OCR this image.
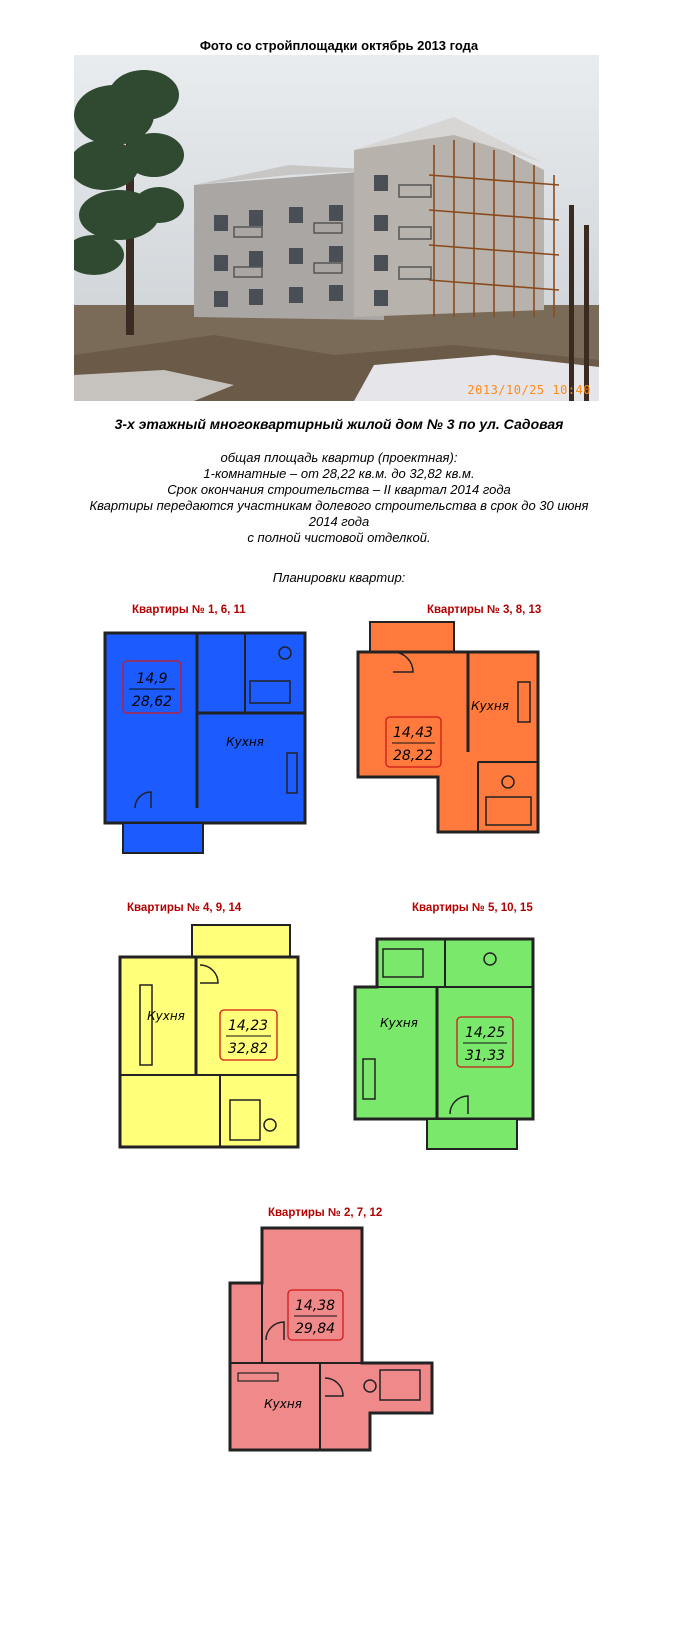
Фото со стройплощадки октябрь 2013 года
2013/10/25 10:40
3-х этажный многоквартирный жилой дом № 3 по ул. Садовая
общая площадь квартир (проектная):
1-комнатные – от 28,22 кв.м. до 32,82 кв.м.
Срок окончания строительства – II квартал 2014 года
Квартиры передаются участникам долевого строительства в срок до 30 июня
2014 года
с полной чистовой отделкой.
Планировки квартир:
Квартиры № 1, 6, 11	Квартиры № 3, 8, 13
Квартиры № 4, 9, 14	Квартиры № 5, 10, 15
Квартиры № 2, 7, 12
14,9
28,62
Кухня
14,43
28,22
Кухня
14,23
32,82
Кухня
14,25
31,33
Кухня
14,38
29,84
Кухня
